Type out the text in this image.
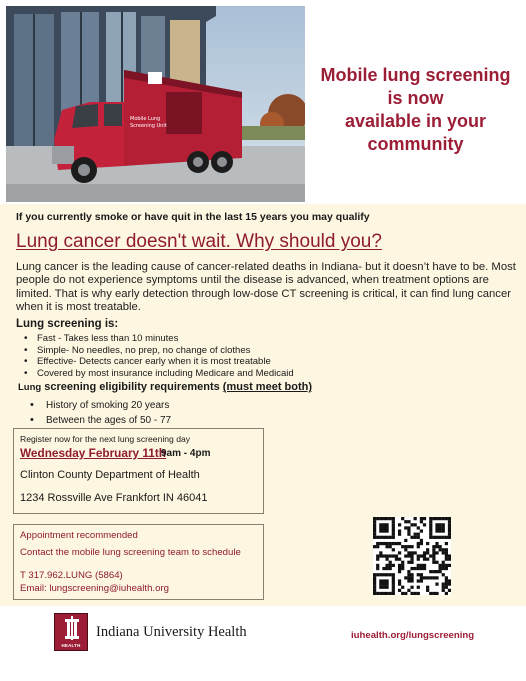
Mobile Lung
Screening Unit
Mobile lung screening
is now
available in your
community
If you currently smoke or have quit in the last 15 years you may qualify
Lung cancer doesn't wait. Why should you?
Lung cancer is the leading cause of cancer-related deaths in Indiana- but it doesn’t have to be. Most people do not experience symptoms until the disease is advanced, when treatment options are limited. That is why early detection through low-dose CT screening is critical, it can find lung cancer when it is most treatable.
Lung screening is:
• Fast - Takes less than 10 minutes
• Simple- No needles, no prep, no change of clothes
• Effective- Detects cancer early when it is most treatable
• Covered by most insurance including Medicare and Medicaid
Lung screening eligibility requirements (must meet both)
• History of smoking 20 years
• Between the ages of 50 - 77
Register now for the next lung screening day
Wednesday February 11th
9am - 4pm
Clinton County Department of Health
1234 Rossville Ave Frankfort IN 46041
Appointment recommended
Contact the mobile lung screening team to schedule
T 317.962.LUNG (5864)
Email: lungscreening@iuhealth.org
HEALTH
Indiana University Health	iuhealth.org/lungscreening
